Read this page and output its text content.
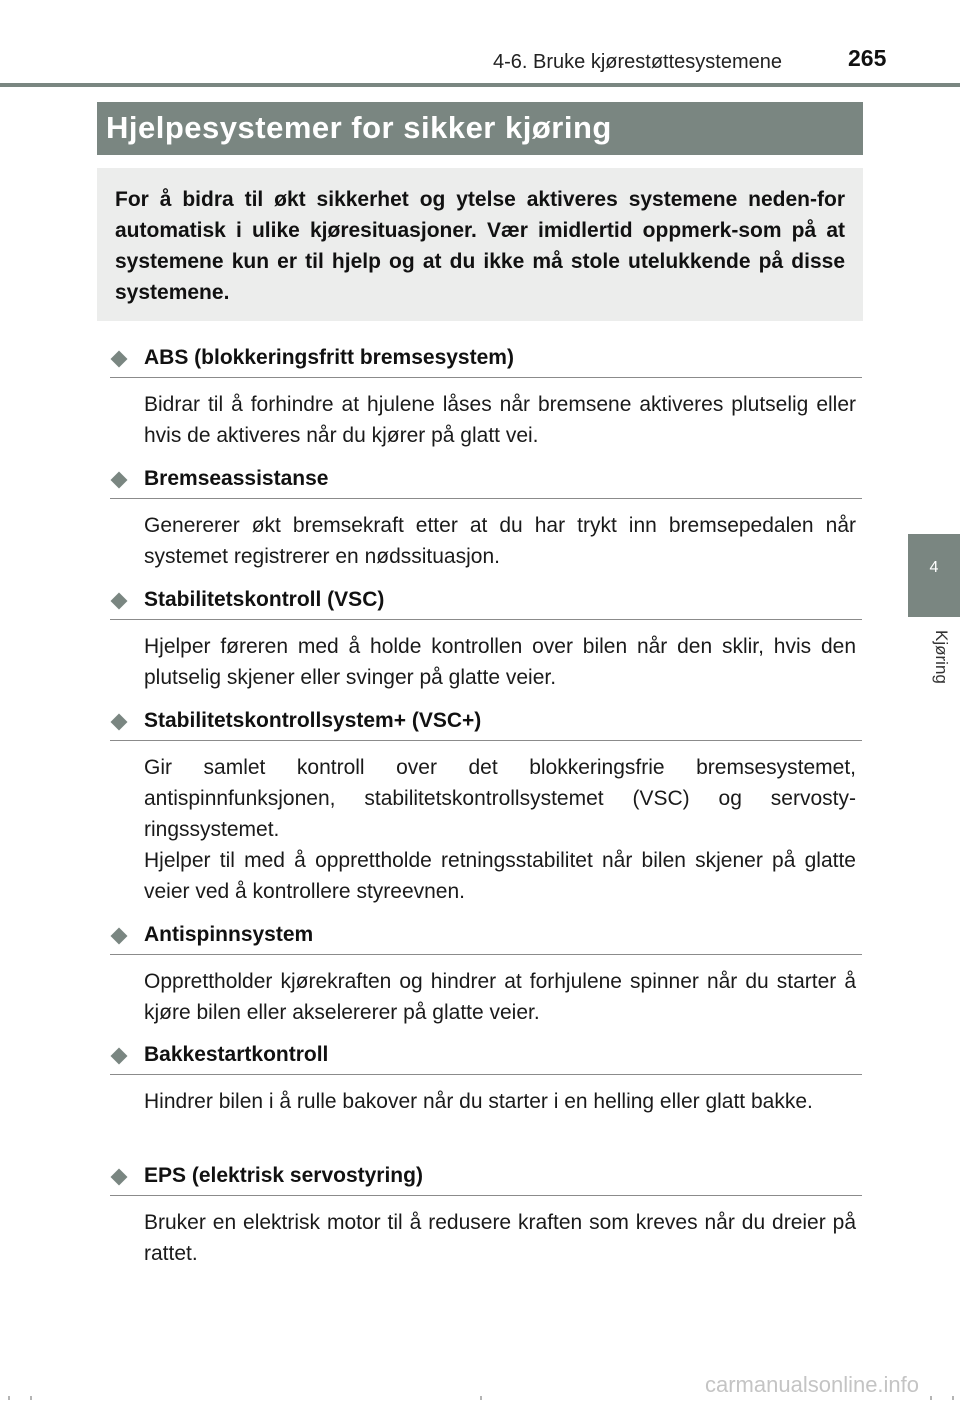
4-6. Bruke kjørestøttesystemene	265
Hjelpesystemer for sikker kjøring
For å bidra til økt sikkerhet og ytelse aktiveres systemene neden-for automatisk i ulike kjøresituasjoner. Vær imidlertid oppmerk-som på at systemene kun er til hjelp og at du ikke må stole utelukkende på disse systemene.
4
Kjøring
ABS (blokkeringsfritt bremsesystem)

Bidrar til å forhindre at hjulene låses når bremsene aktiveres plutselig eller hvis de aktiveres når du kjører på glatt vei.

Bremseassistanse

Genererer økt bremsekraft etter at du har trykt inn bremsepedalen når systemet registrerer en nødssituasjon.

Stabilitetskontroll (VSC)

Hjelper føreren med å holde kontrollen over bilen når den sklir, hvis den plutselig skjener eller svinger på glatte veier.

Stabilitetskontrollsystem+ (VSC+)

Gir samlet kontroll over det blokkeringsfrie bremsesystemet, antispinnfunksjonen, stabilitetskontrollsystemet (VSC) og servosty-ringssystemet.

Hjelper til med å opprettholde retningsstabilitet når bilen skjener på glatte veier ved å kontrollere styreevnen.

Antispinnsystem

Opprettholder kjørekraften og hindrer at forhjulene spinner når du starter å kjøre bilen eller akselererer på glatte veier.

Bakkestartkontroll

Hindrer bilen i å rulle bakover når du starter i en helling eller glatt bakke.

EPS (elektrisk servostyring)

Bruker en elektrisk motor til å redusere kraften som kreves når du dreier på rattet.

carmanualsonline.info
